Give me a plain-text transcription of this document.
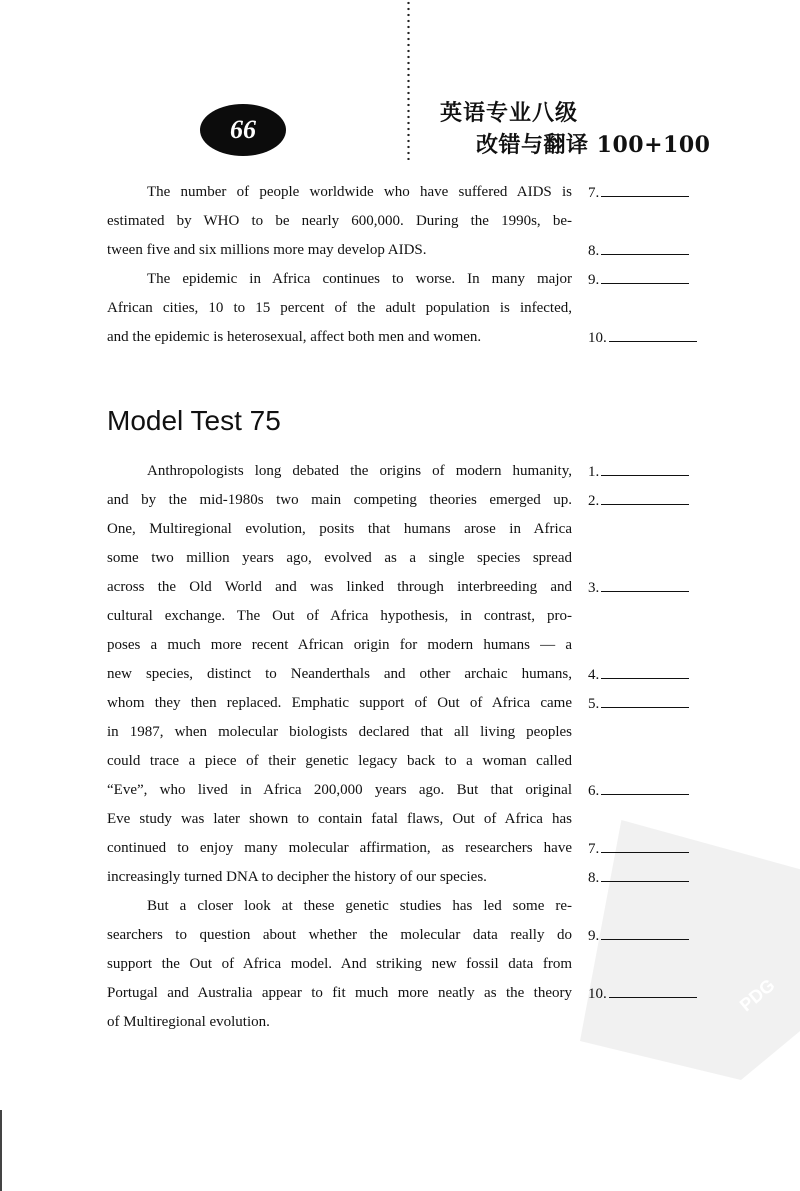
66
英语专业八级
改错与翻译 100+100
PDG
The number of people worldwide who have suffered AIDS is
estimated by WHO to be nearly 600,000. During the 1990s, be-
tween five and six millions more may develop AIDS.
The epidemic in Africa continues to worse. In many major
African cities, 10 to 15 percent of the adult population is infected,
and the epidemic is heterosexual, affect both men and women.
7.
8.
9.
10.
Model Test 75
Anthropologists long debated the origins of modern humanity,
and by the mid-1980s two main competing theories emerged up.
One, Multiregional evolution, posits that humans arose in Africa
some two million years ago, evolved as a single species spread
across the Old World and was linked through interbreeding and
cultural exchange. The Out of Africa hypothesis, in contrast, pro-
poses a much more recent African origin for modern humans — a
new species, distinct to Neanderthals and other archaic humans,
whom they then replaced. Emphatic support of Out of Africa came
in 1987, when molecular biologists declared that all living peoples
could trace a piece of their genetic legacy back to a woman called
“Eve”, who lived in Africa 200,000 years ago. But that original
Eve study was later shown to contain fatal flaws, Out of Africa has
continued to enjoy many molecular affirmation, as researchers have
increasingly turned DNA to decipher the history of our species.
But a closer look at these genetic studies has led some re-
searchers to question about whether the molecular data really do
support the Out of Africa model. And striking new fossil data from
Portugal and Australia appear to fit much more neatly as the theory
of Multiregional evolution.
1.
2.
3.
4.
5.
6.
7.
8.
9.
10.
